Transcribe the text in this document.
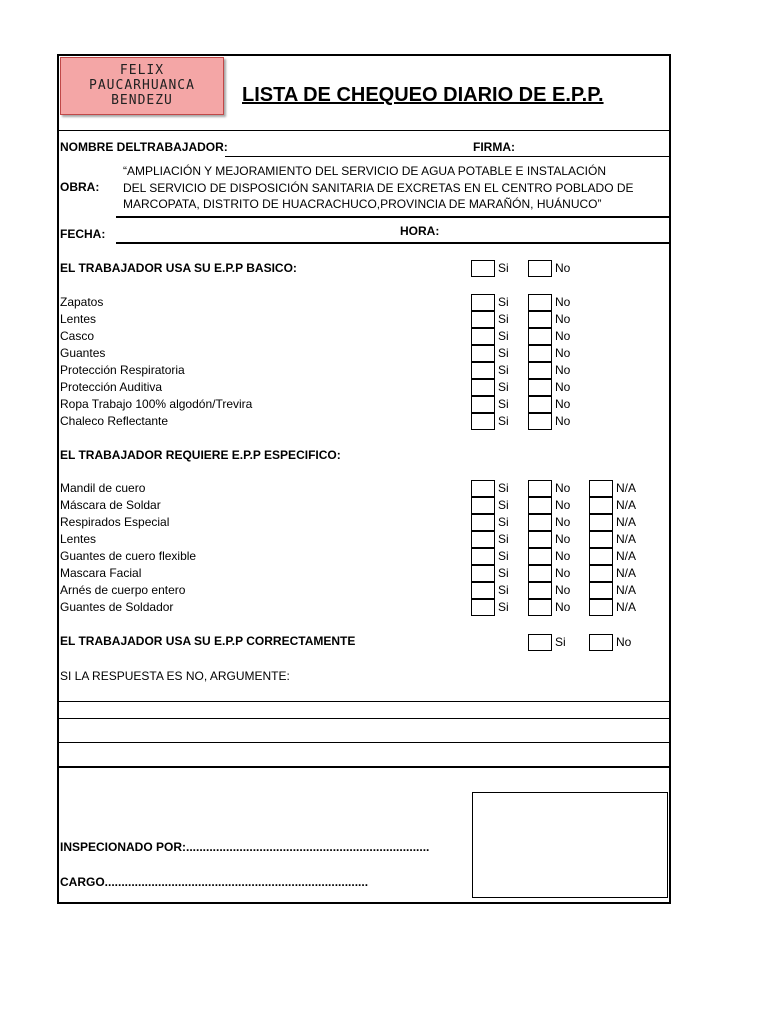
FELIX
PAUCARHUANCA
BENDEZU	LISTA DE CHEQUEO DIARIO DE E.P.P.
NOMBRE DELTRABAJADOR:	FIRMA:
OBRA:
“AMPLIACIÓN Y MEJORAMIENTO DEL SERVICIO DE AGUA POTABLE E INSTALACIÓN
DEL SERVICIO DE DISPOSICIÓN SANITARIA DE EXCRETAS EN EL CENTRO POBLADO DE
MARCOPATA, DISTRITO DE HUACRACHUCO,PROVINCIA DE MARAÑÓN, HUÁNUCO”
FECHA:	HORA:
EL TRABAJADOR USA SU E.P.P BASICO:	Si	No
Zapatos	Si	No
Lentes	Si	No
Casco	Si	No
Guantes	Si	No
Protección Respiratoria	Si	No
Protección Auditiva	Si	No
Ropa Trabajo 100% algodón/Trevira	Si	No
Chaleco Reflectante	Si	No
EL TRABAJADOR REQUIERE E.P.P ESPECIFICO:
Mandil de cuero	Si	No	N/A
Máscara de Soldar	Si	No	N/A
Respirados Especial	Si	No	N/A
Lentes	Si	No	N/A
Guantes de cuero flexible	Si	No	N/A
Mascara Facial	Si	No	N/A
Arnés de cuerpo entero	Si	No	N/A
Guantes de Soldador	Si	No	N/A
EL TRABAJADOR USA SU E.P.P CORRECTAMENTE	Si	No
SI LA RESPUESTA ES NO, ARGUMENTE:
INSPECIONADO POR:.........................................................................
CARGO...............................................................................
